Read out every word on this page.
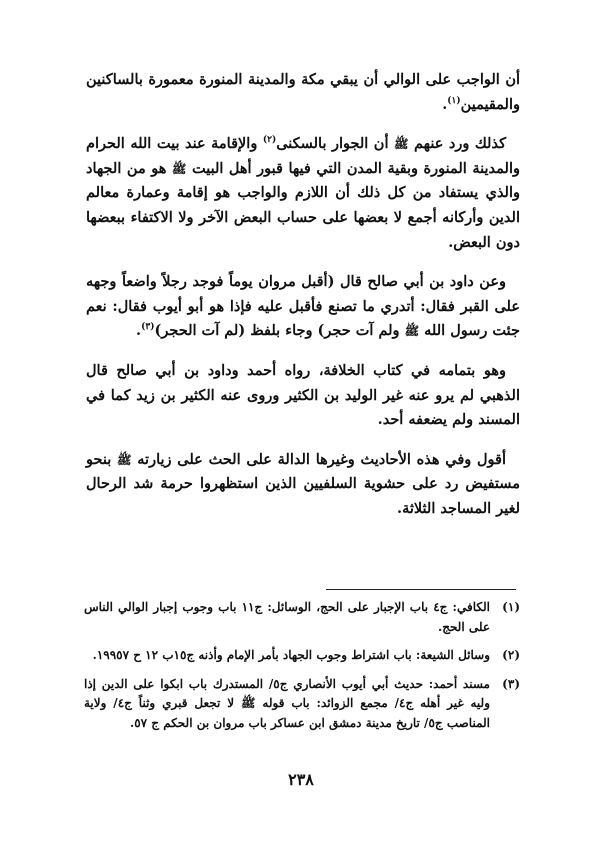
أن الواجب على الوالي أن يبقي مكة والمدينة المنورة معمورة بالساكنين والمقيمين$^{(١)}$.

كذلك ورد عنهم ﷺ أن الجوار بالسكنى$^{(٢)}$ والإقامة عند بيت الله الحرام والمدينة المنورة وبقية المدن التي فيها قبور أهل البيت ﷺ هو من الجهاد والذي يستفاد من كل ذلك أن اللازم والواجب هو إقامة وعمارة معالم الدين وأركانه أجمع لا بعضها على حساب البعض الآخر ولا الاكتفاء ببعضها دون البعض.

وعن داود بن أبي صالح قال (أقبل مروان يوماً فوجد رجلاً واضعاً وجهه على القبر فقال: أتدري ما تصنع فأقبل عليه فإذا هو أبو أيوب فقال: نعم جئت رسول الله ﷺ ولم آت حجر) وجاء بلفظ (لم آت الحجر)$^{(٣)}$.

وهو بتمامه في كتاب الخلافة، رواه أحمد وداود بن أبي صالح قال الذهبي لم يرو عنه غير الوليد بن الكثير وروى عنه الكثير بن زيد كما في المسند ولم يضعفه أحد.

أقول وفي هذه الأحاديث وغيرها الدالة على الحث على زيارته ﷺ بنحو مستفيض رد على حشوية السلفيين الذين استظهروا حرمة شد الرحال لغير المساجد الثلاثة.

(١)
الكافي: ج٤ باب الإجبار على الحج، الوسائل: ج١١ باب وجوب إجبار الوالي الناس على الحج.
(٢)
وسائل الشيعة: باب اشتراط وجوب الجهاد بأمر الإمام وأذنه ج١٥ب ١٢ ح ١٩٩٥٧.
(٣)
مسند أحمد: حديث أبي أيوب الأنصاري ج٥/ المستدرك باب ابكوا على الدين إذا وليه غير أهله ج٤/ مجمع الزوائد: باب قوله ﷺ لا تجعل قبري وثناً ج٤/ ولاية المناصب ج٥/ تاريخ مدينة دمشق ابن عساكر باب مروان بن الحكم ج ٥٧.
٢٣٨
